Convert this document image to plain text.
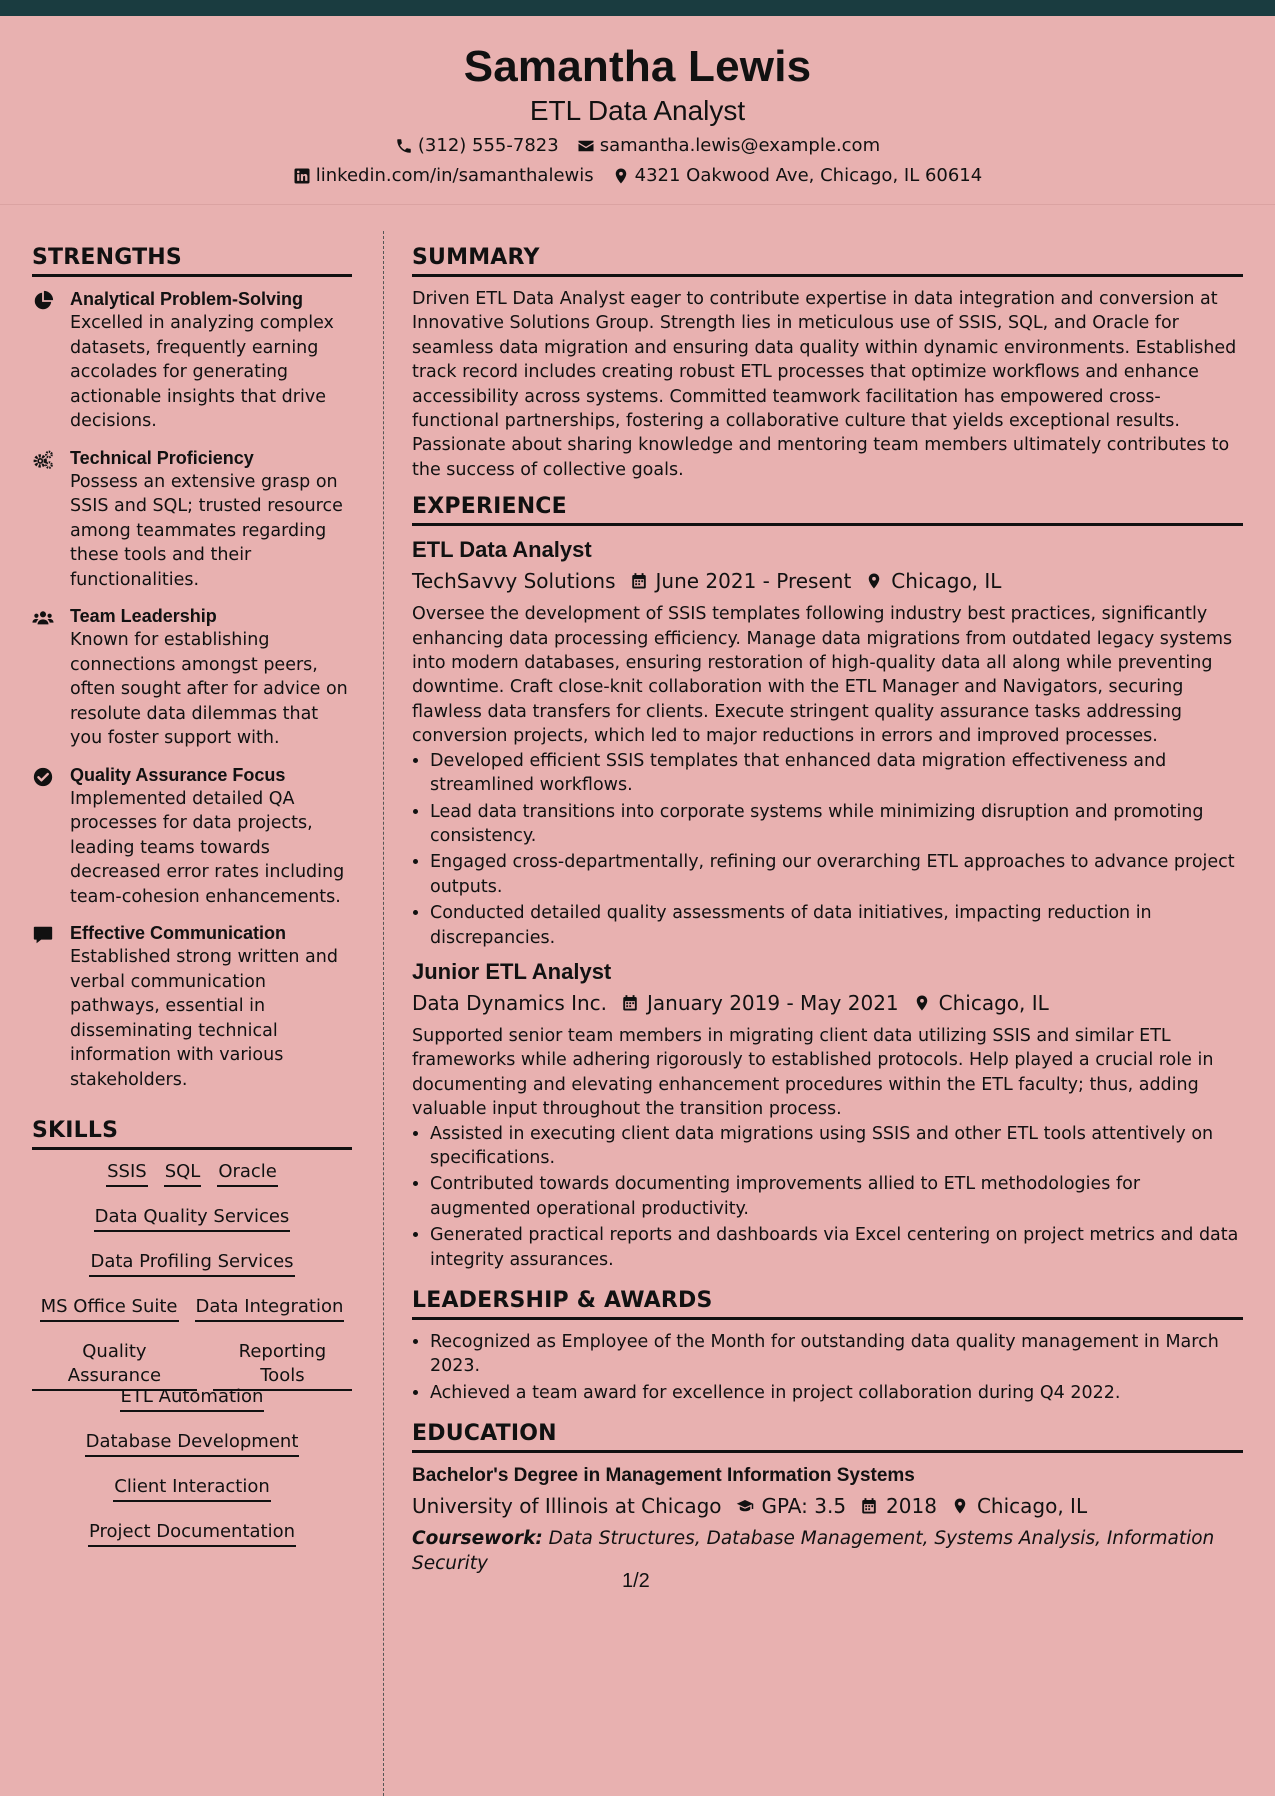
Samantha Lewis
ETL Data Analyst
(312) 555-7823 samantha.lewis@example.com
linkedin.com/in/samanthalewis 4321 Oakwood Ave, Chicago, IL 60614
STRENGTHS
Analytical Problem-Solving
Excelled in analyzing complex datasets, frequently earning accolades for generating actionable insights that drive decisions.
Technical Proficiency
Possess an extensive grasp on SSIS and SQL; trusted resource among teammates regarding these tools and their functionalities.
Team Leadership
Known for establishing connections amongst peers, often sought after for advice on resolute data dilemmas that you foster support with.
Quality Assurance Focus
Implemented detailed QA processes for data projects, leading teams towards decreased error rates including team-cohesion enhancements.
Effective Communication
Established strong written and verbal communication pathways, essential in disseminating technical information with various stakeholders.
SKILLS
SSIS SQL Oracle
Data Quality Services
Data Profiling Services
MS Office Suite Data Integration
Quality Assurance
Reporting Tools
ETL Automation
Database Development
Client Interaction
Project Documentation
SUMMARY
Driven ETL Data Analyst eager to contribute expertise in data integration and conversion at Innovative Solutions Group. Strength lies in meticulous use of SSIS, SQL, and Oracle for seamless data migration and ensuring data quality within dynamic environments. Established track record includes creating robust ETL processes that optimize workflows and enhance accessibility across systems. Committed teamwork facilitation has empowered cross-functional partnerships, fostering a collaborative culture that yields exceptional results. Passionate about sharing knowledge and mentoring team members ultimately contributes to the success of collective goals.
EXPERIENCE
ETL Data Analyst
TechSavvy Solutions June 2021 - Present Chicago, IL
Oversee the development of SSIS templates following industry best practices, significantly enhancing data processing efficiency. Manage data migrations from outdated legacy systems into modern databases, ensuring restoration of high-quality data all along while preventing downtime. Craft close-knit collaboration with the ETL Manager and Navigators, securing flawless data transfers for clients. Execute stringent quality assurance tasks addressing conversion projects, which led to major reductions in errors and improved processes.
• Developed efficient SSIS templates that enhanced data migration effectiveness and streamlined workflows.
• Lead data transitions into corporate systems while minimizing disruption and promoting consistency.
• Engaged cross-departmentally, refining our overarching ETL approaches to advance project outputs.
• Conducted detailed quality assessments of data initiatives, impacting reduction in discrepancies.
Junior ETL Analyst
Data Dynamics Inc. January 2019 - May 2021 Chicago, IL
Supported senior team members in migrating client data utilizing SSIS and similar ETL frameworks while adhering rigorously to established protocols. Help played a crucial role in documenting and elevating enhancement procedures within the ETL faculty; thus, adding valuable input throughout the transition process.
• Assisted in executing client data migrations using SSIS and other ETL tools attentively on specifications.
• Contributed towards documenting improvements allied to ETL methodologies for augmented operational productivity.
• Generated practical reports and dashboards via Excel centering on project metrics and data integrity assurances.
LEADERSHIP & AWARDS
• Recognized as Employee of the Month for outstanding data quality management in March 2023.
• Achieved a team award for excellence in project collaboration during Q4 2022.
EDUCATION
Bachelor's Degree in Management Information Systems
University of Illinois at Chicago GPA: 3.5 2018 Chicago, IL
Coursework: Data Structures, Database Management, Systems Analysis, Information Security
1/2
